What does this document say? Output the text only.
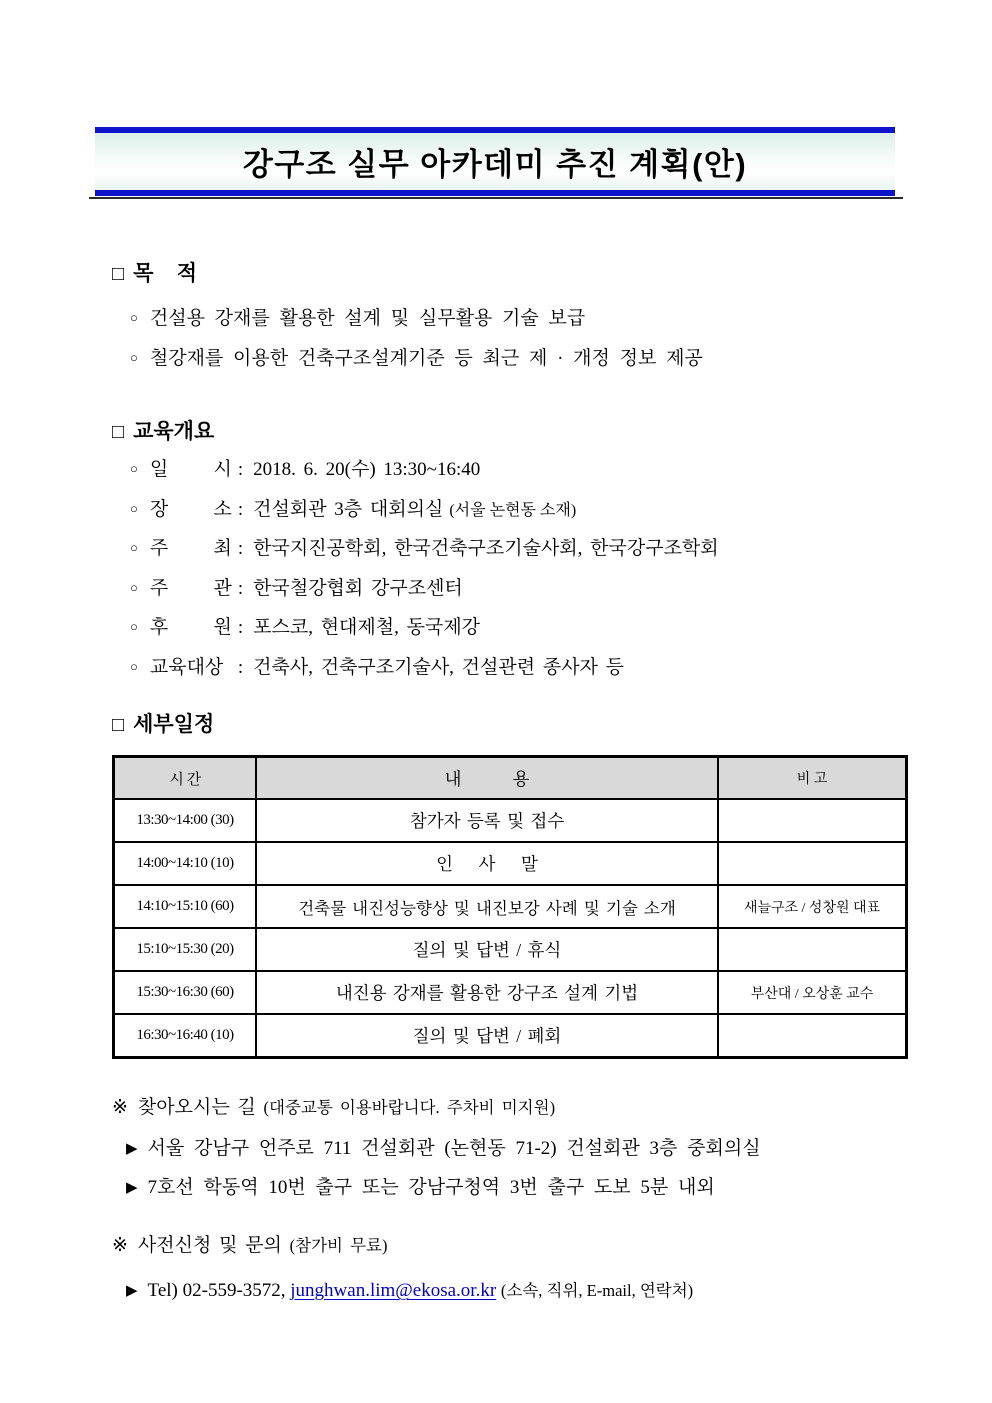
강구조 실무 아카데미 추진 계획(안)
□ 목    적
○ 건설용 강재를 활용한 설계 및 실무활용 기술 보급
○ 철강재를 이용한 건축구조설계기준 등 최근 제 · 개정 정보 제공
□ 교육개요
○ 일 시 : 2018. 6. 20(수) 13:30~16:40
○ 장 소 : 건설회관 3층 대회의실 (서울 논현동 소재)
○ 주 최 : 한국지진공학회, 한국건축구조기술사회, 한국강구조학회
○ 주 관 : 한국철강협회 강구조센터
○ 후 원 : 포스코, 현대제철, 동국제강
○ 교육대상 : 건축사, 건축구조기술사, 건설관련 종사자 등
□ 세부일정
시 간	내        용	비 고
13:30~14:00 (30)	참가자 등록 및 접수	
14:00~14:10 (10)	인    사    말	
14:10~15:10 (60)	건축물 내진성능향상 및 내진보강 사례 및 기술 소개	새늘구조 / 성창원 대표
15:10~15:30 (20)	질의 및 답변 / 휴식	
15:30~16:30 (60)	내진용 강재를 활용한 강구조 설계 기법	부산대 / 오상훈 교수
16:30~16:40 (10)	질의 및 답변 / 폐회	
※ 찾아오시는 길 (대중교통 이용바랍니다. 주차비 미지원)
▶ 서울 강남구 언주로 711 건설회관 (논현동 71-2) 건설회관 3층 중회의실
▶ 7호선 학동역 10번 출구 또는 강남구청역 3번 출구 도보 5분 내외
※ 사전신청 및 문의 (참가비 무료)
▶ Tel) 02-559-3572, junghwan.lim@ekosa.or.kr (소속, 직위, E-mail, 연락처)
